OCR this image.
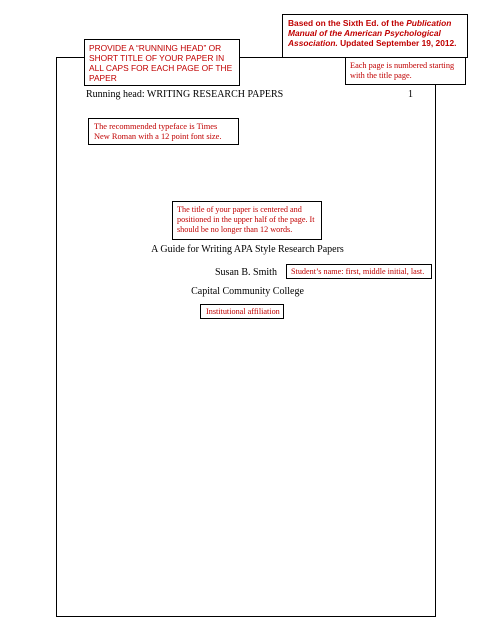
PROVIDE A “RUNNING HEAD” OR SHORT TITLE OF YOUR PAPER IN ALL CAPS FOR EACH PAGE OF THE PAPER
Based on the Sixth Ed. of the Publication Manual of the American Psychological Association. Updated September 19, 2012.
Each page is numbered starting with the title page.
Running head: WRITING RESEARCH PAPERS	1
The recommended typeface is Times New Roman with a 12 point font size.
The title of your paper is centered and positioned in the upper half of the page. It should be no longer than 12 words.
A Guide for Writing APA Style Research Papers
Susan B. Smith	Student’s name: first, middle initial, last.
Capital Community College
Institutional affiliation
